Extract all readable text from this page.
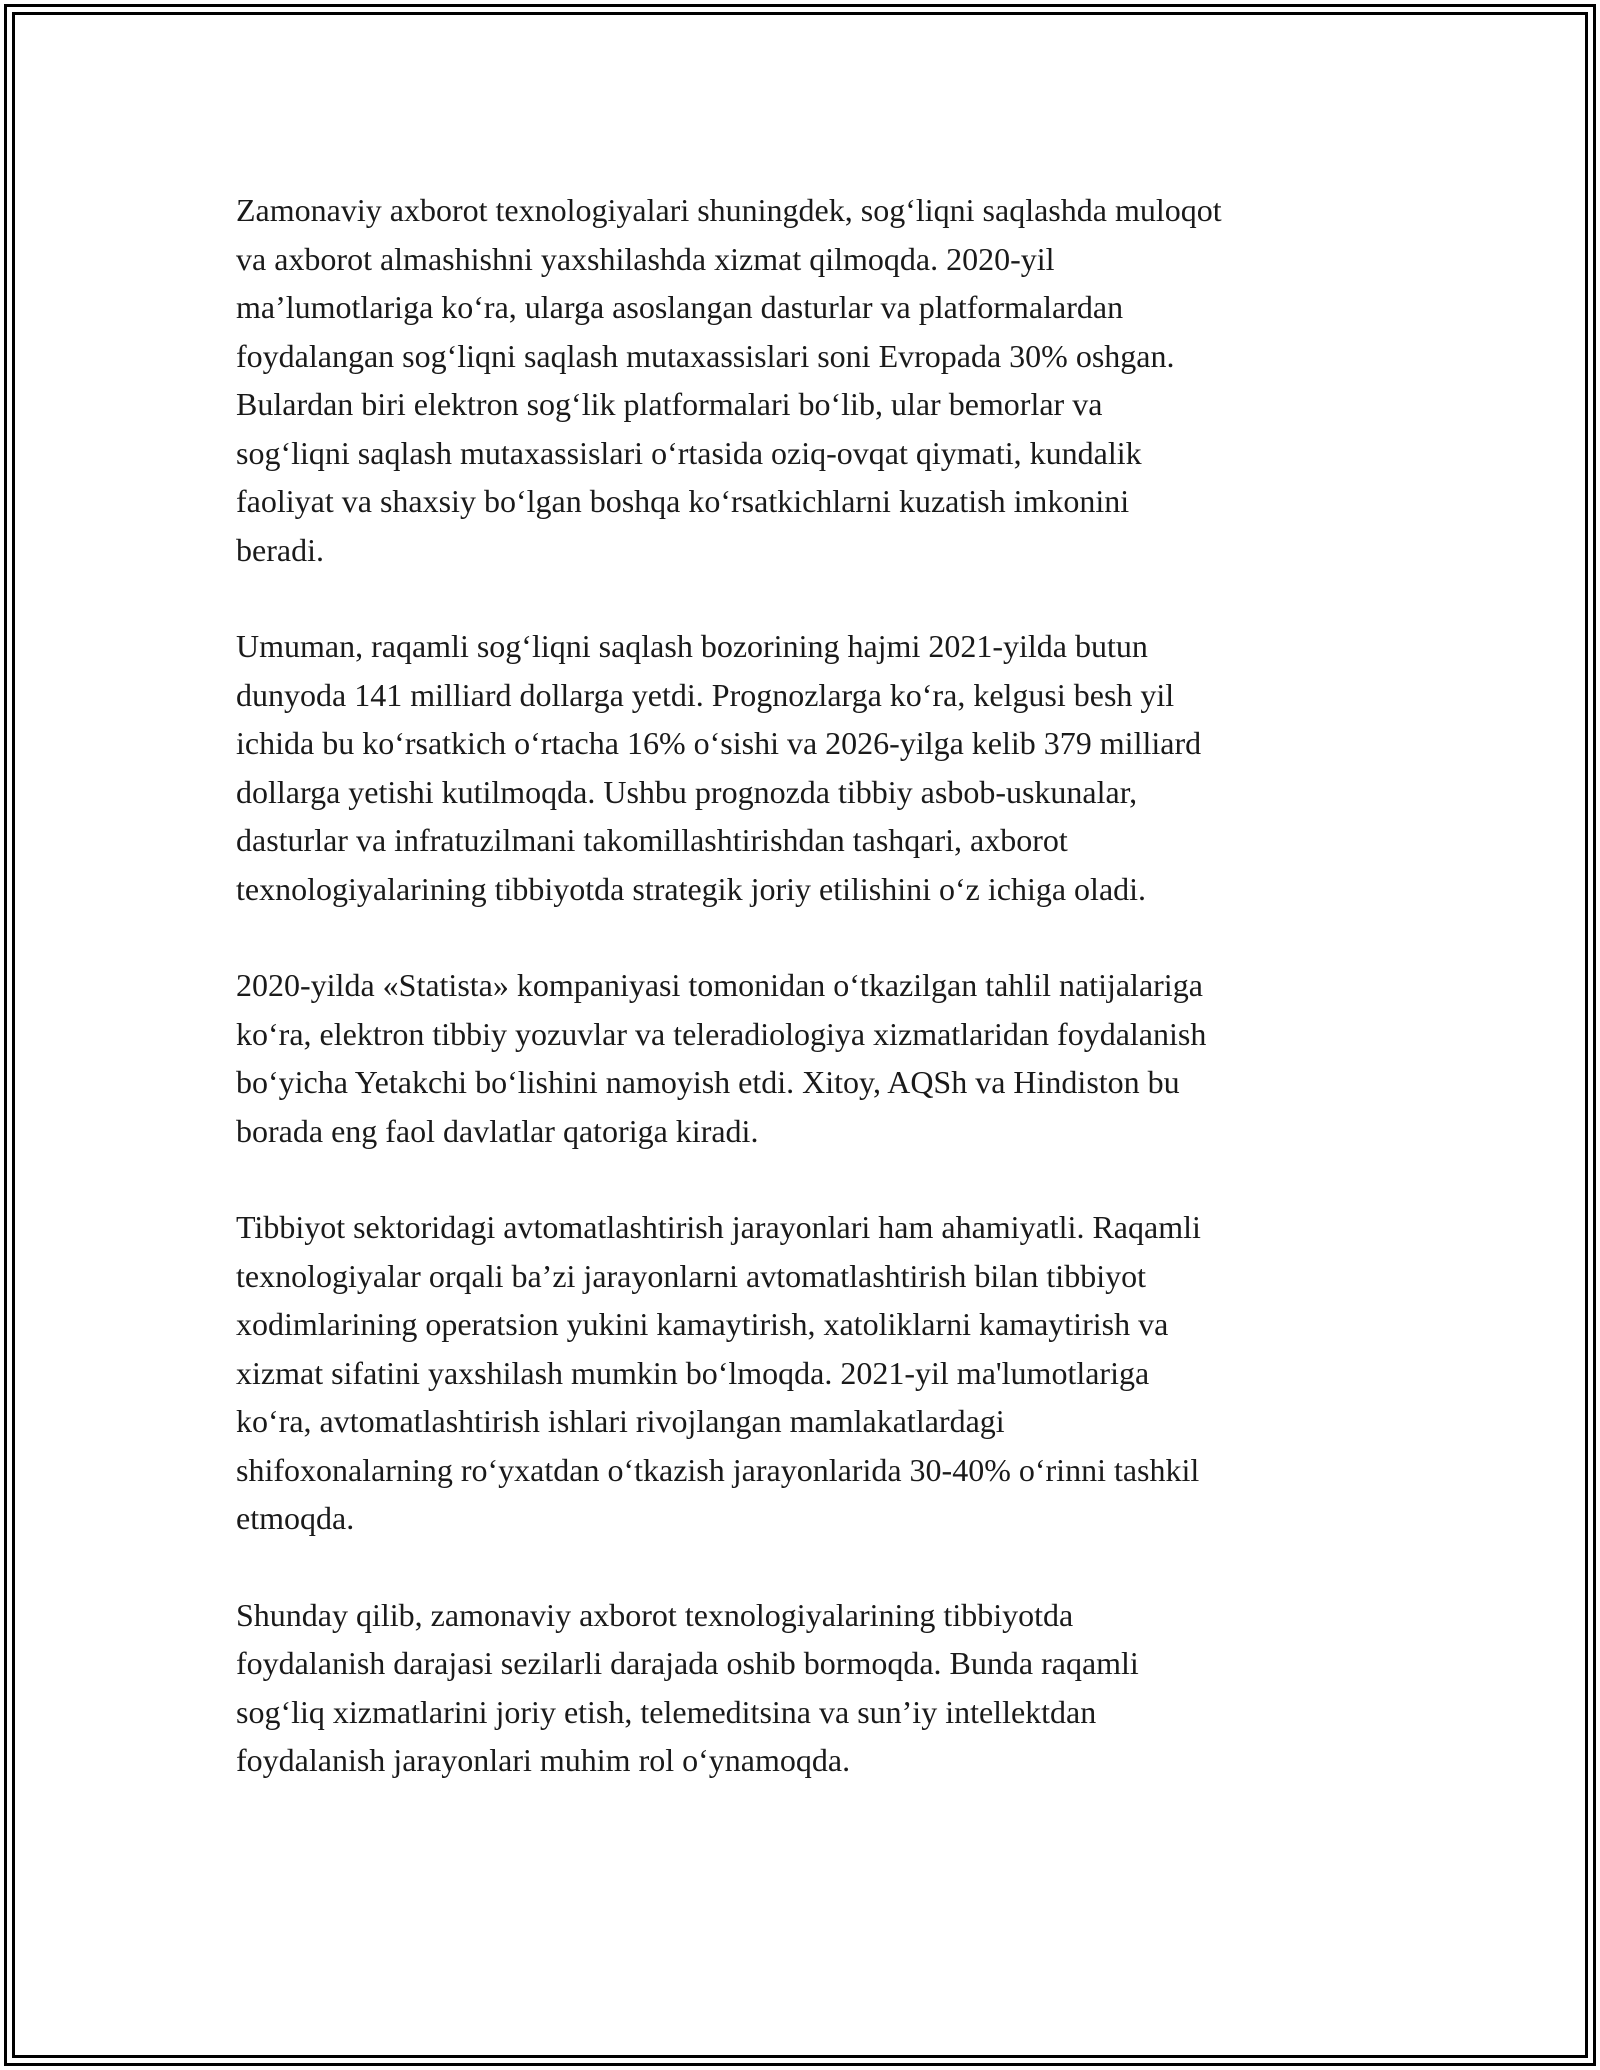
Zamonaviy axborot texnologiyalari shuningdek, sog‘liqni saqlashda muloqot
va axborot almashishni yaxshilashda xizmat qilmoqda. 2020-yil
ma’lumotlariga ko‘ra, ularga asoslangan dasturlar va platformalardan
foydalangan sog‘liqni saqlash mutaxassislari soni Evropada 30% oshgan.
Bulardan biri elektron sog‘lik platformalari bo‘lib, ular bemorlar va
sog‘liqni saqlash mutaxassislari o‘rtasida oziq-ovqat qiymati, kundalik
faoliyat va shaxsiy bo‘lgan boshqa ko‘rsatkichlarni kuzatish imkonini
beradi.

Umuman, raqamli sog‘liqni saqlash bozorining hajmi 2021-yilda butun
dunyoda 141 milliard dollarga yetdi. Prognozlarga ko‘ra, kelgusi besh yil
ichida bu ko‘rsatkich o‘rtacha 16% o‘sishi va 2026-yilga kelib 379 milliard
dollarga yetishi kutilmoqda. Ushbu prognozda tibbiy asbob-uskunalar,
dasturlar va infratuzilmani takomillashtirishdan tashqari, axborot
texnologiyalarining tibbiyotda strategik joriy etilishini o‘z ichiga oladi.

2020-yilda «Statista» kompaniyasi tomonidan o‘tkazilgan tahlil natijalariga
ko‘ra, elektron tibbiy yozuvlar va teleradiologiya xizmatlaridan foydalanish
bo‘yicha Yetakchi bo‘lishini namoyish etdi. Xitoy, AQSh va Hindiston bu
borada eng faol davlatlar qatoriga kiradi.

Tibbiyot sektoridagi avtomatlashtirish jarayonlari ham ahamiyatli. Raqamli
texnologiyalar orqali ba’zi jarayonlarni avtomatlashtirish bilan tibbiyot
xodimlarining operatsion yukini kamaytirish, xatoliklarni kamaytirish va
xizmat sifatini yaxshilash mumkin bo‘lmoqda. 2021-yil ma'lumotlariga
ko‘ra, avtomatlashtirish ishlari rivojlangan mamlakatlardagi
shifoxonalarning ro‘yxatdan o‘tkazish jarayonlarida 30-40% o‘rinni tashkil
etmoqda.

Shunday qilib, zamonaviy axborot texnologiyalarining tibbiyotda
foydalanish darajasi sezilarli darajada oshib bormoqda. Bunda raqamli
sog‘liq xizmatlarini joriy etish, telemeditsina va sun’iy intellektdan
foydalanish jarayonlari muhim rol o‘ynamoqda.
